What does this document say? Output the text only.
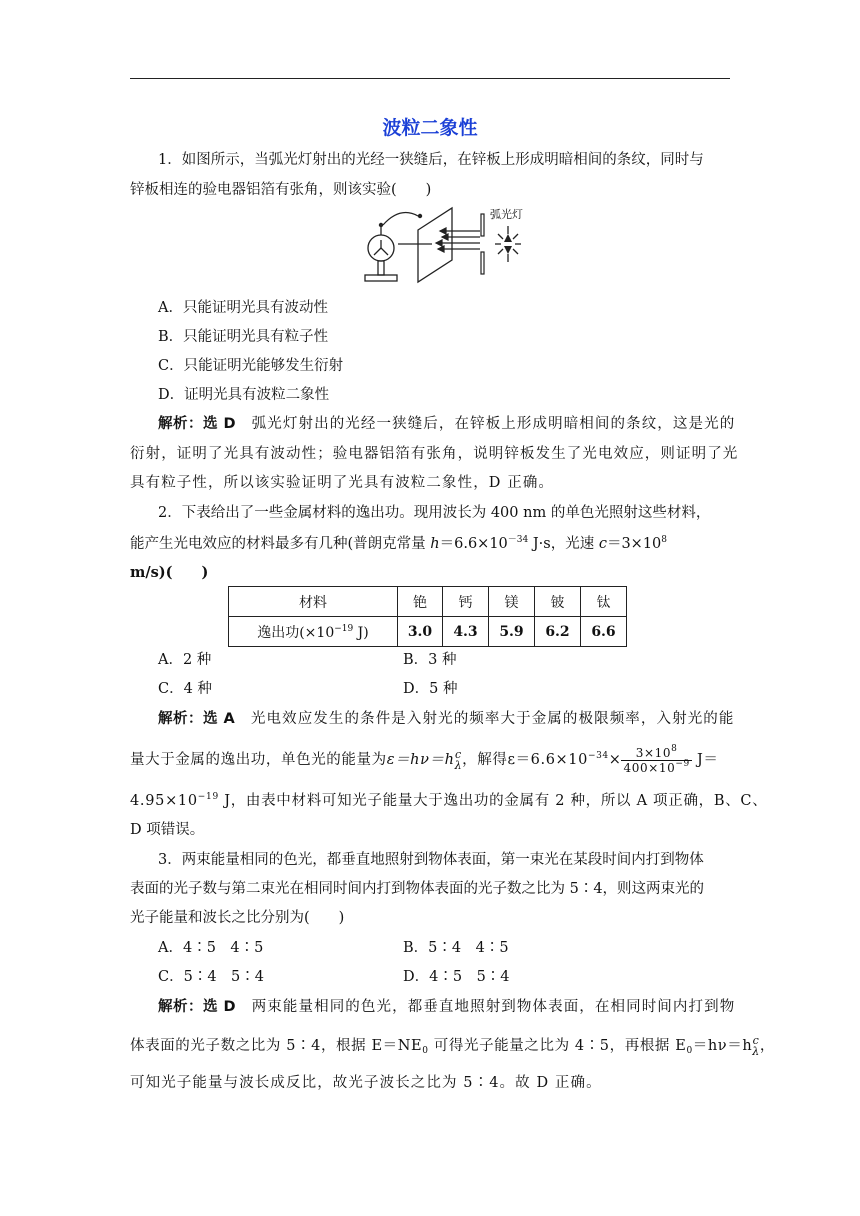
波粒二象性
1．如图所示，当弧光灯射出的光经一狭缝后，在锌板上形成明暗相间的条纹，同时与
锌板相连的验电器铝箔有张角，则该实验(　　)
弧光灯
A．只能证明光具有波动性
B．只能证明光具有粒子性
C．只能证明光能够发生衍射
D．证明光具有波粒二象性
解析：选 D　 弧光灯射出的光经一狭缝后，在锌板上形成明暗相间的条纹，这是光的
衍射，证明了光具有波动性；验电器铝箔有张角，说明锌板发生了光电效应，则证明了光
具有粒子性，所以该实验证明了光具有波粒二象性，D 正确。
2．下表给出了一些金属材料的逸出功。现用波长为 400 nm 的单色光照射这些材料，
能产生光电效应的材料最多有几种(普朗克常量 $h=6.6\times 10^{-34}$ J·s，光速 $c=3\times 10^8$
m/s)(　　)
材料	铯	钙	镁	铍	钛
逸出功($\times 10^{-19}$ J)	3.0	4.3	5.9	6.2	6.6
A．2 种	B．3 种
C．4 种	D．5 种
解析：选 A　 光电效应发生的条件是入射光的频率大于金属的极限频率，入射光的能
量大于金属的逸出功，单色光的能量为ε＝hν＝h c
λ ，解得$\varepsilon=6.6\times 10^{-34}\times \frac{3\times 10^8}{400\times 10^{-9}} J=$
$4.95\times 10^{-19}$ J，由表中材料可知光子能量大于逸出功的金属有 2 种，所以 A 项正确，B、C、
D 项错误。
3．两束能量相同的色光，都垂直地照射到物体表面，第一束光在某段时间内打到物体
表面的光子数与第二束光在相同时间内打到物体表面的光子数之比为 5∶4，则这两束光的
光子能量和波长之比分别为(　　)
A．4∶5　4∶5	B．5∶4　4∶5
C．5∶4　5∶4	D．4∶5　5∶4
解析：选 D　 两束能量相同的色光，都垂直地照射到物体表面，在相同时间内打到物
体表面的光子数之比为 5∶4，根据 $E=NE_0$ 可得光子能量之比为 4∶5，再根据 $E_0=h\nu=h$ c
λ ，
可知光子能量与波长成反比，故光子波长之比为 5∶4。故 D 正确。
